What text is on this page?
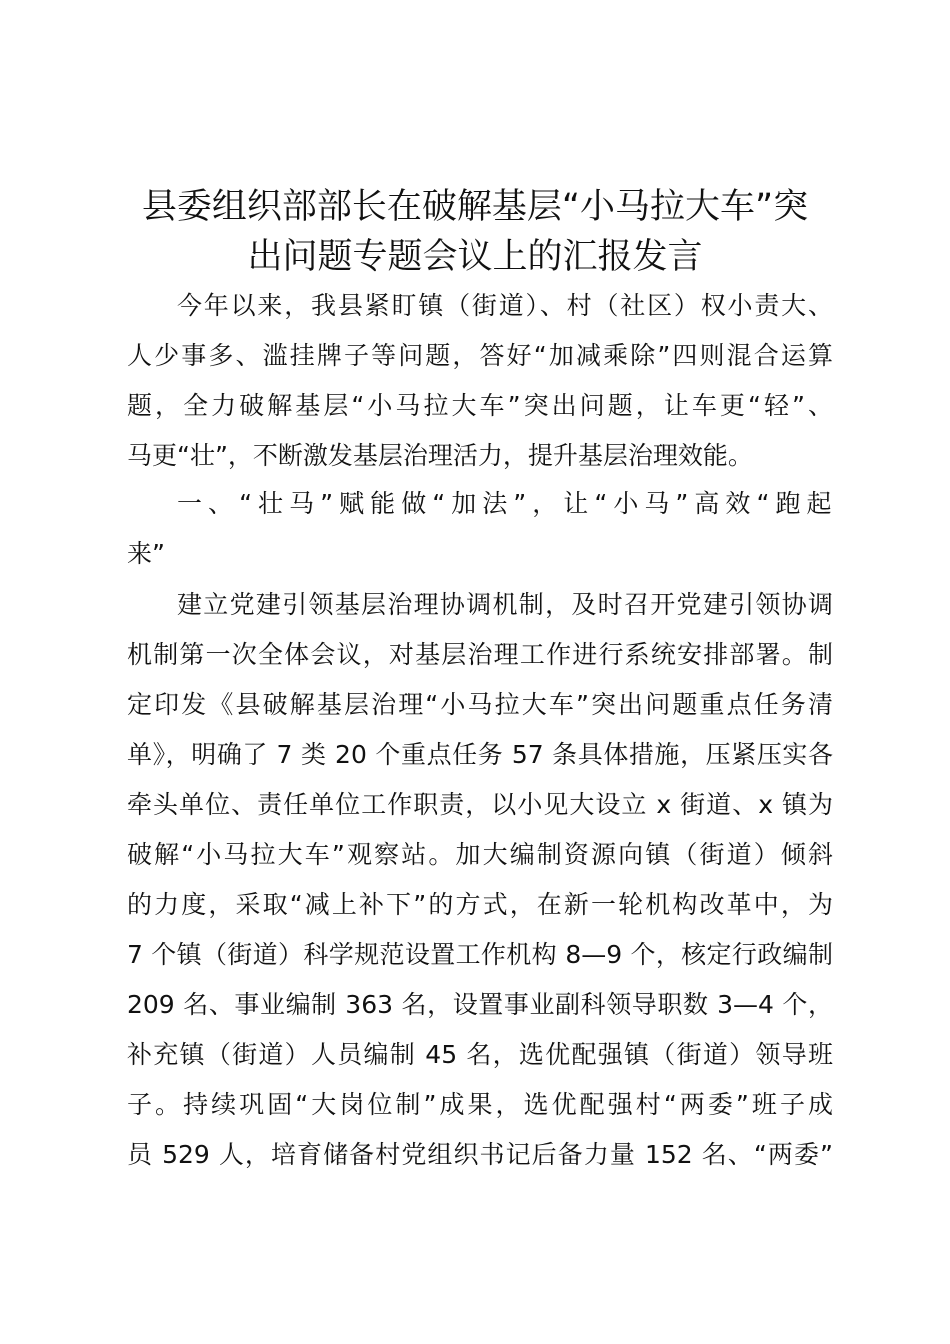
县委组织部部长在破解基层“小马拉大车”突
出问题专题会议上的汇报发言
今年以来，我县紧盯镇（街道）、村（社区）权小责大、
人少事多、滥挂牌子等问题，答好“加减乘除”四则混合运算
题，全力破解基层“小马拉大车”突出问题，让车更“轻”、
马更“壮”，不断激发基层治理活力，提升基层治理效能。
一、“壮马”赋能做“加法”，让“小马”高效“跑起
来”
建立党建引领基层治理协调机制，及时召开党建引领协调
机制第一次全体会议，对基层治理工作进行系统安排部署。制
定印发《县破解基层治理“小马拉大车”突出问题重点任务清
单》，明确了 7 类 20 个重点任务 57 条具体措施，压紧压实各
牵头单位、责任单位工作职责，以小见大设立 x 街道、x 镇为
破解“小马拉大车”观察站。加大编制资源向镇（街道）倾斜
的力度，采取“减上补下”的方式，在新一轮机构改革中，为
7 个镇（街道）科学规范设置工作机构 8—9 个，核定行政编制
209 名、事业编制 363 名，设置事业副科领导职数 3—4 个，
补充镇（街道）人员编制 45 名，选优配强镇（街道）领导班
子。持续巩固“大岗位制”成果，选优配强村“两委”班子成
员 529 人，培育储备村党组织书记后备力量 152 名、“两委”
